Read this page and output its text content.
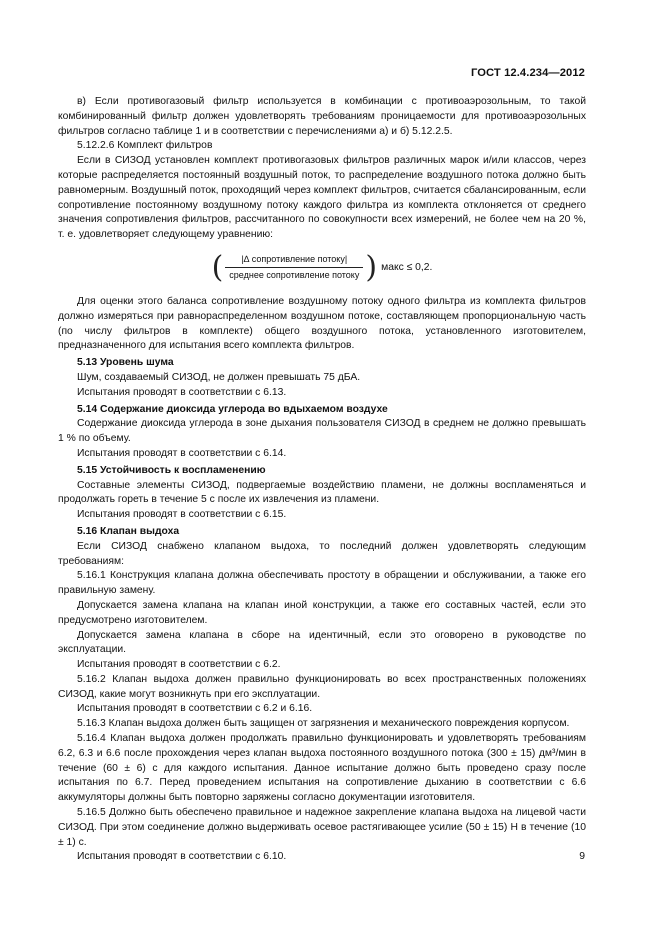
ГОСТ 12.4.234—2012

в) Если противогазовый фильтр используется в комбинации с противоаэрозольным, то такой комбинированный фильтр должен удовлетворять требованиям проницаемости для противоаэрозольных фильтров согласно таблице 1 и в соответствии с перечислениями а) и б) 5.12.2.5.

5.12.2.6 Комплект фильтров

Если в СИЗОД установлен комплект противогазовых фильтров различных марок и/или классов, через которые распределяется постоянный воздушный поток, то распределение воздушного потока должно быть равномерным. Воздушный поток, проходящий через комплект фильтров, считается сбалансированным, если сопротивление постоянному воздушному потоку каждого фильтра из комплекта отклоняется от среднего значения сопротивления фильтров, рассчитанного по совокупности всех измерений, не более чем на 20 %, т. е. удовлетворяет следующему уравнению:

( $\frac{\text{|∆ сопротивление потоку|}}{\text{среднее сопротивление потоку}}$ ) макс ≤ 0,2.

Для оценки этого баланса сопротивление воздушному потоку одного фильтра из комплекта фильтров должно измеряться при равнораспределенном воздушном потоке, составляющем пропорциональную часть (по числу фильтров в комплекте) общего воздушного потока, установленного изготовителем, предназначенного для испытания всего комплекта фильтров.

5.13 Уровень шума

Шум, создаваемый СИЗОД, не должен превышать 75 дБА.

Испытания проводят в соответствии с 6.13.

5.14 Содержание диоксида углерода во вдыхаемом воздухе

Содержание диоксида углерода в зоне дыхания пользователя СИЗОД в среднем не должно превышать 1 % по объему.

Испытания проводят в соответствии с 6.14.

5.15 Устойчивость к воспламенению

Составные элементы СИЗОД, подвергаемые воздействию пламени, не должны воспламеняться и продолжать гореть в течение 5 с после их извлечения из пламени.

Испытания проводят в соответствии с 6.15.

5.16 Клапан выдоха

Если СИЗОД снабжено клапаном выдоха, то последний должен удовлетворять следующим требованиям:

5.16.1 Конструкция клапана должна обеспечивать простоту в обращении и обслуживании, а также его правильную замену.

Допускается замена клапана на клапан иной конструкции, а также его составных частей, если это предусмотрено изготовителем.

Допускается замена клапана в сборе на идентичный, если это оговорено в руководстве по эксплуатации.

Испытания проводят в соответствии с 6.2.

5.16.2 Клапан выдоха должен правильно функционировать во всех пространственных положениях СИЗОД, какие могут возникнуть при его эксплуатации.

Испытания проводят в соответствии с 6.2 и 6.16.

5.16.3 Клапан выдоха должен быть защищен от загрязнения и механического повреждения корпусом.

5.16.4 Клапан выдоха должен продолжать правильно функционировать и удовлетворять требованиям 6.2, 6.3 и 6.6 после прохождения через клапан выдоха постоянного воздушного потока (300 ± 15) дм³/мин в течение (60 ± 6) с для каждого испытания. Данное испытание должно быть проведено сразу после испытания по 6.7. Перед проведением испытания на сопротивление дыханию в соответствии с 6.6 аккумуляторы должны быть повторно заряжены согласно документации изготовителя.

5.16.5 Должно быть обеспечено правильное и надежное закрепление клапана выдоха на лицевой части СИЗОД. При этом соединение должно выдерживать осевое растягивающее усилие (50 ± 15) Н в течение (10 ± 1) с.

Испытания проводят в соответствии с 6.10.	9
